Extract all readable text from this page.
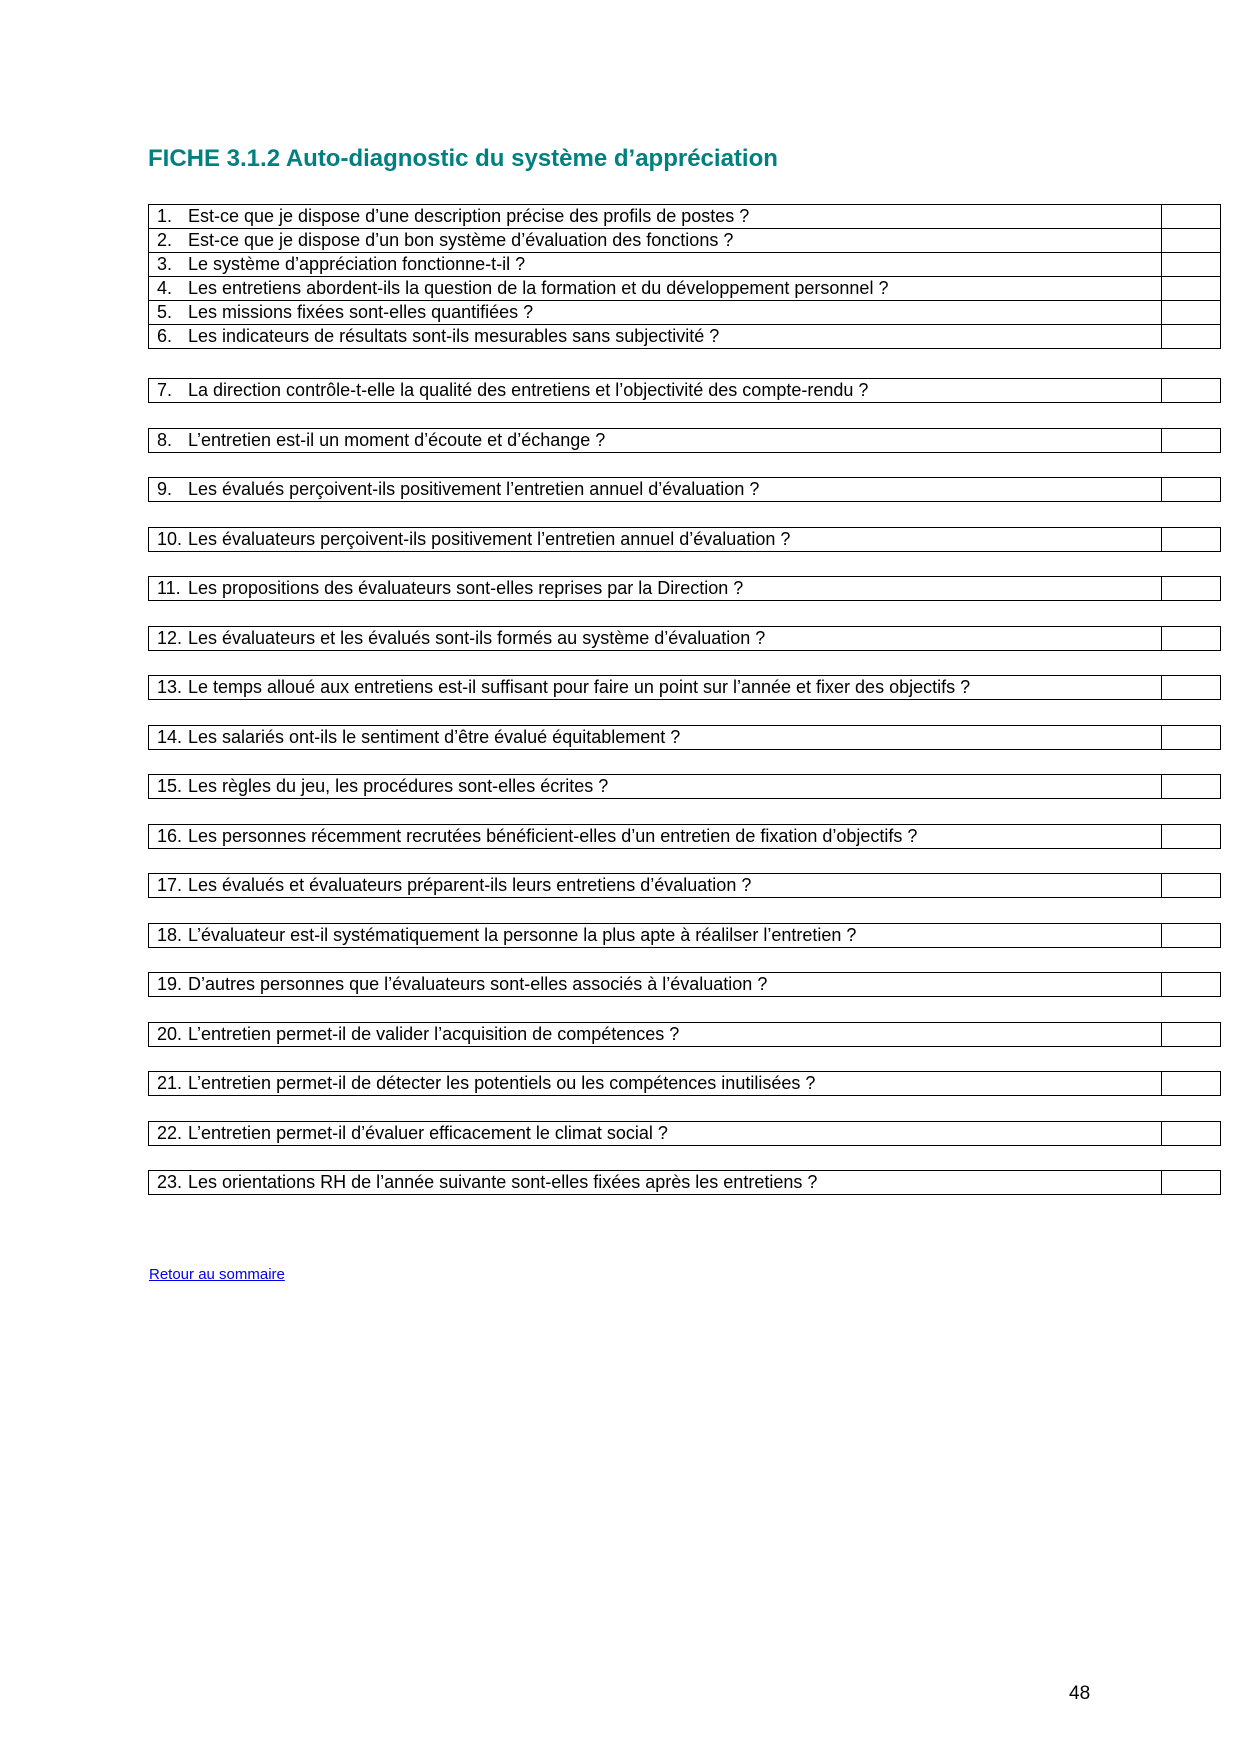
FICHE 3.1.2 Auto-diagnostic du système d’appréciation
1. Est-ce que je dispose d’une description précise des profils de postes ?	
2. Est-ce que je dispose d’un bon système d’évaluation des fonctions ?	
3. Le système d’appréciation fonctionne-t-il ?	
4. Les entretiens abordent-ils la question de la formation et du développement personnel ?	
5. Les missions fixées sont-elles quantifiées ?	
6. Les indicateurs de résultats sont-ils mesurables sans subjectivité ?	
7. La direction contrôle-t-elle la qualité des entretiens et l’objectivité des compte-rendu ?	
8. L’entretien est-il un moment d’écoute et d’échange ?	
9. Les évalués perçoivent-ils positivement l’entretien annuel d’évaluation ?	
10. Les évaluateurs perçoivent-ils positivement l’entretien annuel d’évaluation ?	
11. Les propositions des évaluateurs sont-elles reprises par la Direction ?	
12. Les évaluateurs et les évalués sont-ils formés au système d’évaluation ?	
13. Le temps alloué aux entretiens est-il suffisant pour faire un point sur l’année et fixer des objectifs ?	
14. Les salariés ont-ils le sentiment d’être évalué équitablement ?	
15. Les règles du jeu, les procédures sont-elles écrites ?	
16. Les personnes récemment recrutées bénéficient-elles d’un entretien de fixation d’objectifs ?	
17. Les évalués et évaluateurs préparent-ils leurs entretiens d’évaluation ?	
18. L’évaluateur est-il systématiquement la personne la plus apte à réalilser l’entretien ?	
19. D’autres personnes que l’évaluateurs sont-elles associés à l’évaluation ?	
20. L’entretien permet-il de valider l’acquisition de compétences ?	
21. L’entretien permet-il de détecter les potentiels ou les compétences inutilisées ?	
22. L’entretien permet-il d’évaluer efficacement le climat social ?	
23. Les orientations RH de l’année suivante sont-elles fixées après les entretiens ?	
Retour au sommaire
48
